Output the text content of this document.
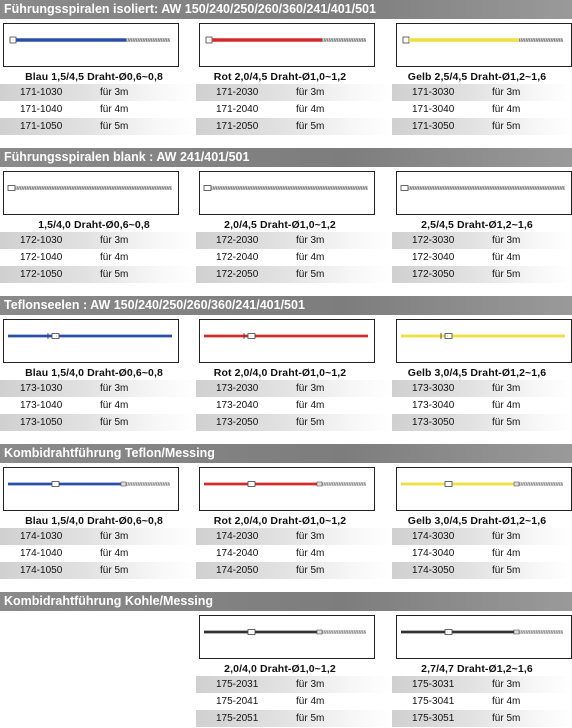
Führungsspiralen isoliert: AW 150/240/250/260/360/241/401/501
Blau 1,5/4,5 Draht-Ø0,6~0,8
171-1030	für 3m
171-1040	für 4m
171-1050	für 5m
Rot 2,0/4,5 Draht-Ø1,0~1,2
171-2030	für 3m
171-2040	für 4m
171-2050	für 5m
Gelb 2,5/4,5 Draht-Ø1,2~1,6
171-3030	für 3m
171-3040	für 4m
171-3050	für 5m
Führungsspiralen blank : AW 241/401/501
1,5/4,0 Draht-Ø0,6~0,8
172-1030	für 3m
172-1040	für 4m
172-1050	für 5m
2,0/4,5 Draht-Ø1,0~1,2
172-2030	für 3m
172-2040	für 4m
172-2050	für 5m
2,5/4,5 Draht-Ø1,2~1,6
172-3030	für 3m
172-3040	für 4m
172-3050	für 5m
Teflonseelen : AW 150/240/250/260/360/241/401/501
Blau 1,5/4,0 Draht-Ø0,6~0,8
173-1030	für 3m
173-1040	für 4m
173-1050	für 5m
Rot 2,0/4,0 Draht-Ø1,0~1,2
173-2030	für 3m
173-2040	für 4m
173-2050	für 5m
Gelb 3,0/4,5 Draht-Ø1,2~1,6
173-3030	für 3m
173-3040	für 4m
173-3050	für 5m
Kombidrahtführung Teflon/Messing
Blau 1,5/4,0 Draht-Ø0,6~0,8
174-1030	für 3m
174-1040	für 4m
174-1050	für 5m
Rot 2,0/4,0 Draht-Ø1,0~1,2
174-2030	für 3m
174-2040	für 4m
174-2050	für 5m
Gelb 3,0/4,5 Draht-Ø1,2~1,6
174-3030	für 3m
174-3040	für 4m
174-3050	für 5m
Kombidrahtführung Kohle/Messing
2,0/4,0 Draht-Ø1,0~1,2
175-2031	für 3m
175-2041	für 4m
175-2051	für 5m
2,7/4,7 Draht-Ø1,2~1,6
175-3031	für 3m
175-3041	für 4m
175-3051	für 5m
